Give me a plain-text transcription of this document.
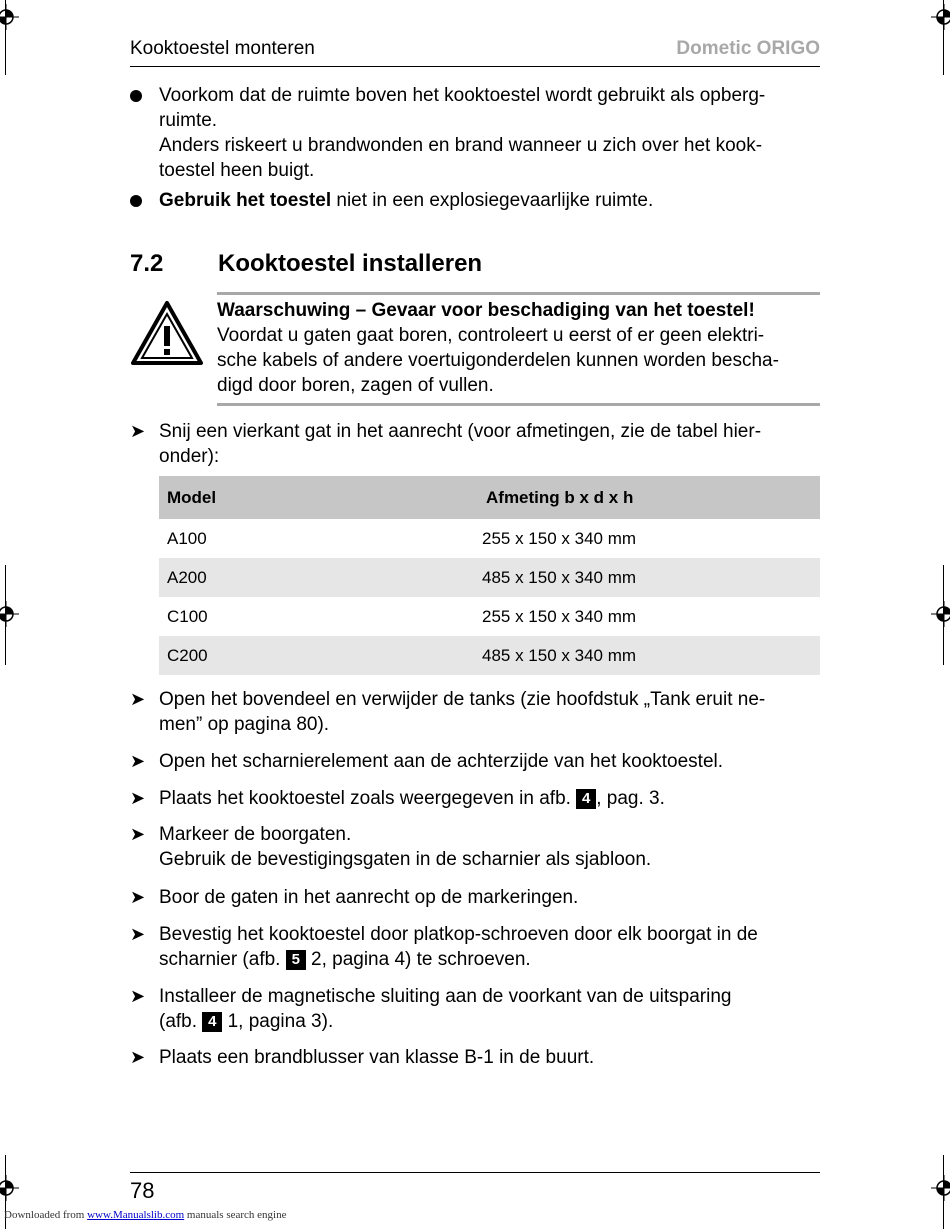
Kooktoestel monteren	Dometic ORIGO
Voorkom dat de ruimte boven het kooktoestel wordt gebruikt als opberg-
ruimte.
Anders riskeert u brandwonden en brand wanneer u zich over het kook-
toestel heen buigt.
Gebruik het toestel niet in een explosiegevaarlijke ruimte.
7.2 Kooktoestel installeren
Waarschuwing – Gevaar voor beschadiging van het toestel!
Voordat u gaten gaat boren, controleert u eerst of er geen elektri-
sche kabels of andere voertuigonderdelen kunnen worden bescha-
digd door boren, zagen of vullen.
➤ Snij een vierkant gat in het aanrecht (voor afmetingen, zie de tabel hier-
onder):
Model	Afmeting b x d x h
A100	255 x 150 x 340 mm
A200	485 x 150 x 340 mm
C100	255 x 150 x 340 mm
C200	485 x 150 x 340 mm
➤ Open het bovendeel en verwijder de tanks (zie hoofdstuk „Tank eruit ne-
men” op pagina 80).
➤ Open het scharnierelement aan de achterzijde van het kooktoestel.
➤ Plaats het kooktoestel zoals weergegeven in afb. 4 , pag. 3.
➤ Markeer de boorgaten.
Gebruik de bevestigingsgaten in de scharnier als sjabloon.
➤ Boor de gaten in het aanrecht op de markeringen.
➤ Bevestig het kooktoestel door platkop-schroeven door elk boorgat in de
scharnier (afb. 5 2, pagina 4) te schroeven.
➤ Installeer de magnetische sluiting aan de voorkant van de uitsparing
(afb. 4 1, pagina 3).
➤ Plaats een brandblusser van klasse B-1 in de buurt.
78
Downloaded from www.Manualslib.com manuals search engine
